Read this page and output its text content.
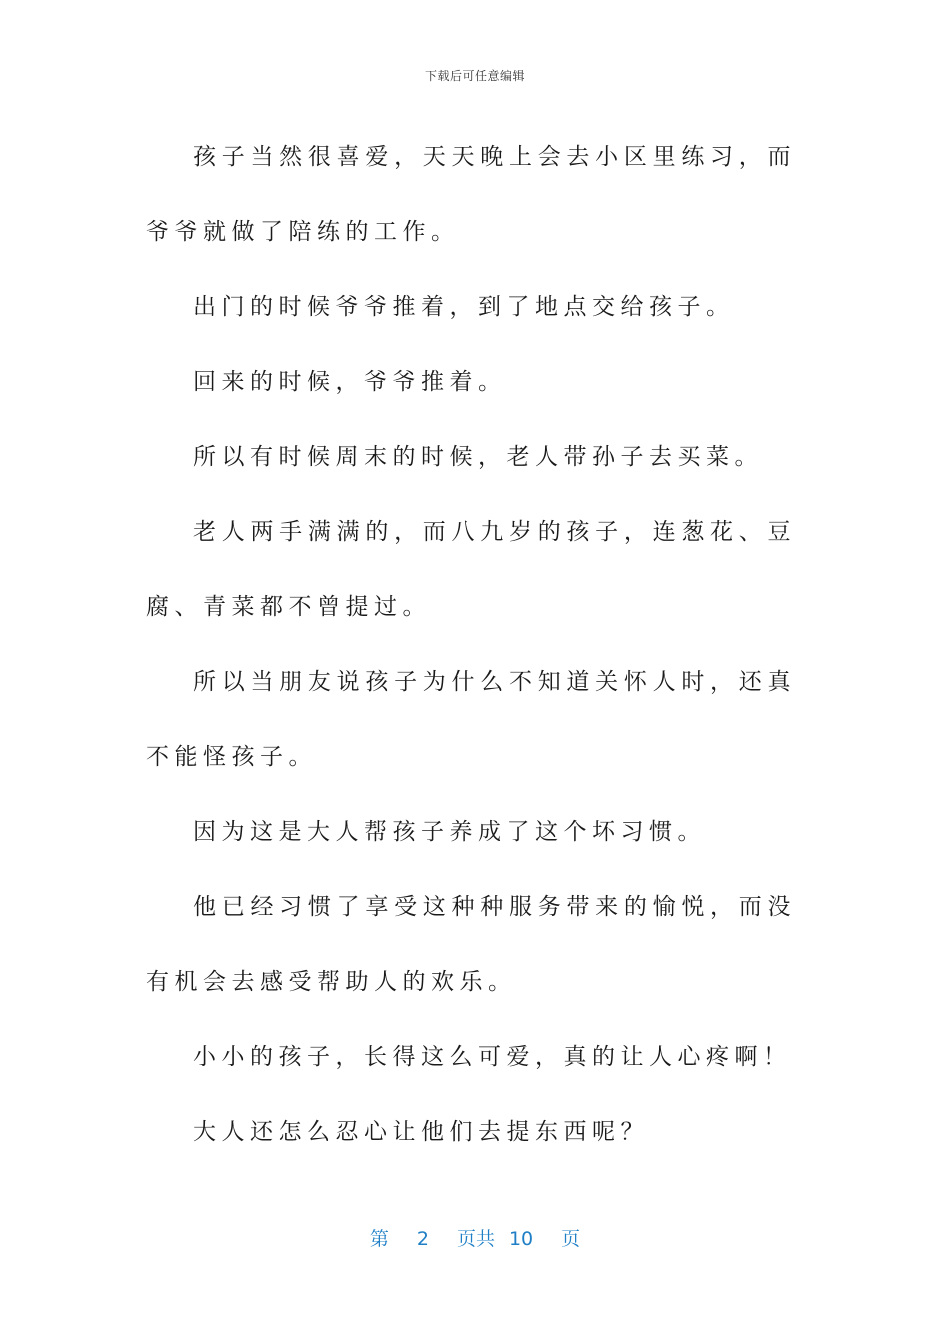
下载后可任意编辑

孩子当然很喜爱，天天晚上会去小区里练习，而爷爷就做了陪练的工作。

出门的时候爷爷推着，到了地点交给孩子。

回来的时候，爷爷推着。

所以有时候周末的时候，老人带孙子去买菜。

老人两手满满的，而八九岁的孩子，连葱花、豆腐、青菜都不曾提过。

所以当朋友说孩子为什么不知道关怀人时，还真不能怪孩子。

因为这是大人帮孩子养成了这个坏习惯。

他已经习惯了享受这种种服务带来的愉悦，而没有机会去感受帮助人的欢乐。

小小的孩子，长得这么可爱，真的让人心疼啊！

大人还怎么忍心让他们去提东西呢？

第 2 页共 10 页
